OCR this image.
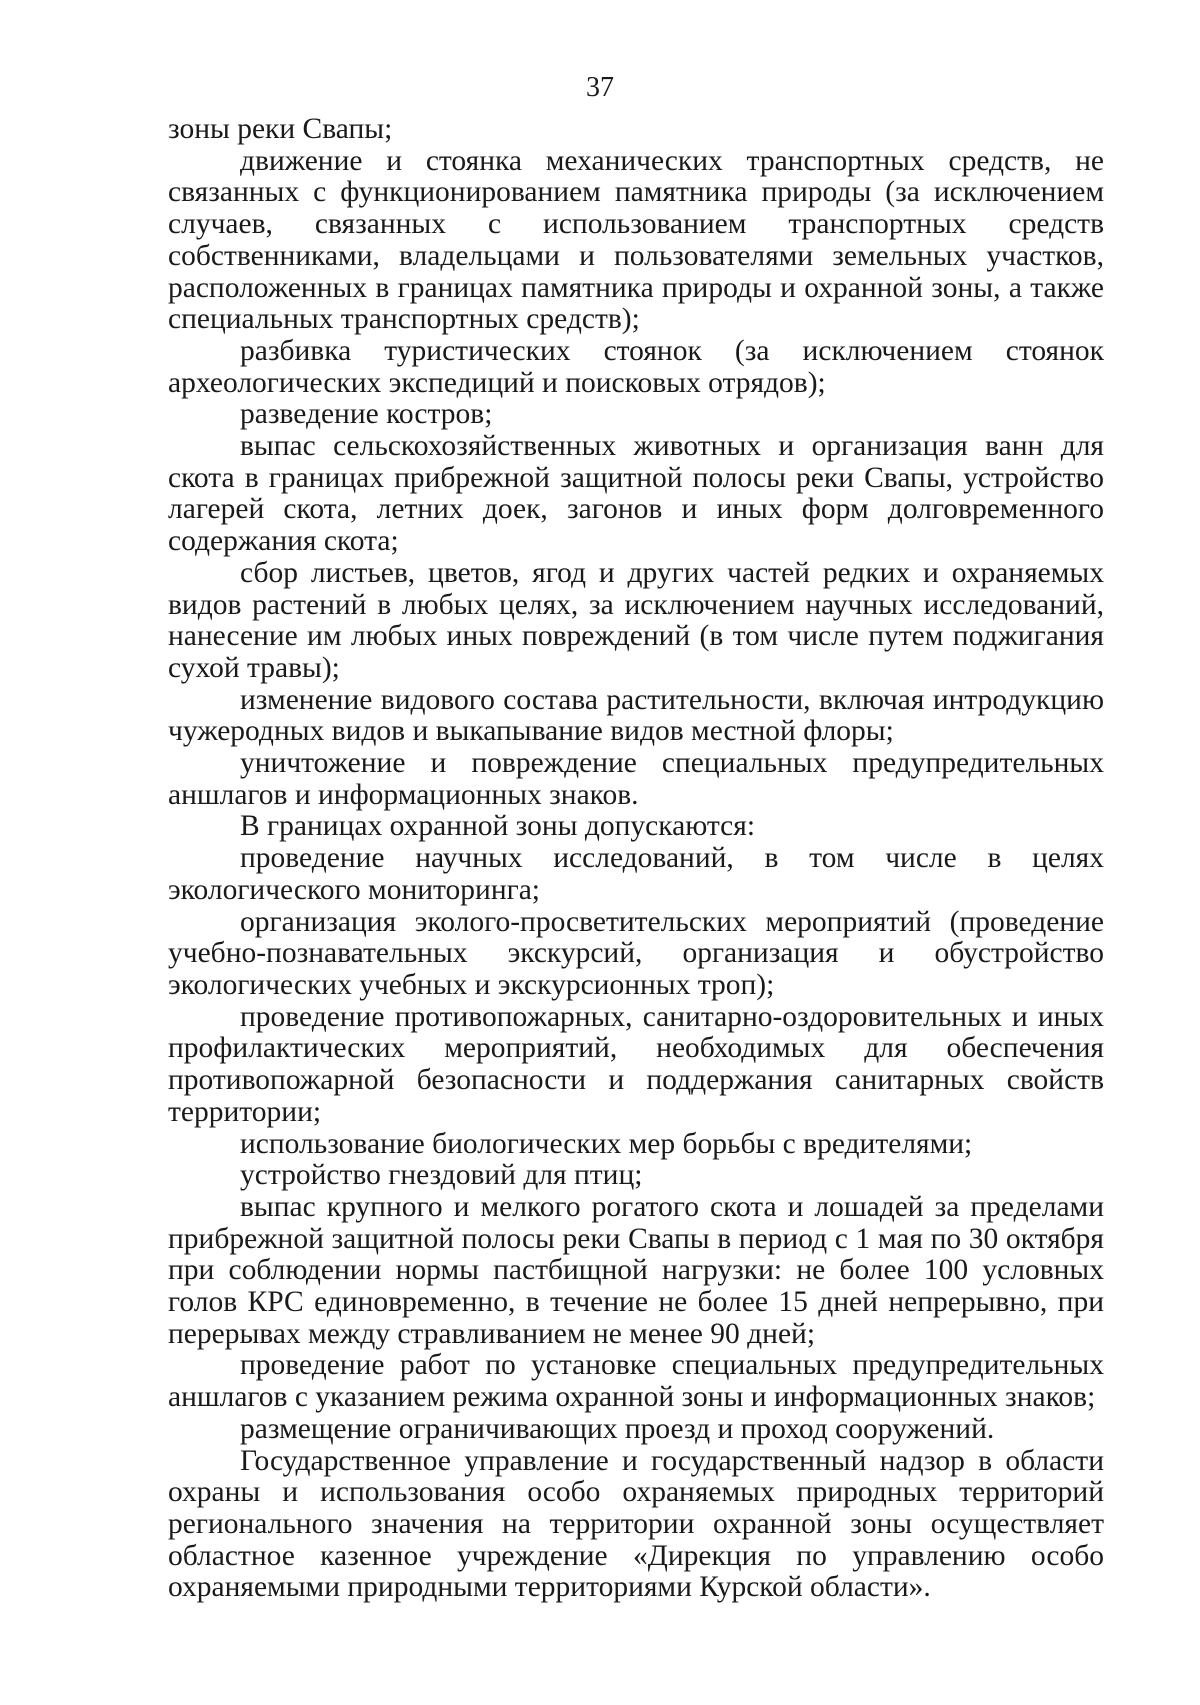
37

зоны реки Свапы;

движение и стоянка механических транспортных средств, не связанных с функционированием памятника природы (за исключением случаев, связанных с использованием транспортных средств собственниками, владельцами и пользователями земельных участков, расположенных в границах памятника природы и охранной зоны, а также специальных транспортных средств);

разбивка туристических стоянок (за исключением стоянок археологических экспедиций и поисковых отрядов);

разведение костров;

выпас сельскохозяйственных животных и организация ванн для скота в границах прибрежной защитной полосы реки Свапы, устройство лагерей скота, летних доек, загонов и иных форм долговременного содержания скота;

сбор листьев, цветов, ягод и других частей редких и охраняемых видов растений в любых целях, за исключением научных исследований, нанесение им любых иных повреждений (в том числе путем поджигания сухой травы);

изменение видового состава растительности, включая интродукцию чужеродных видов и выкапывание видов местной флоры;

уничтожение и повреждение специальных предупредительных аншлагов и информационных знаков.

В границах охранной зоны допускаются:

проведение научных исследований, в том числе в целях экологического мониторинга;

организация эколого-просветительских мероприятий (проведение учебно-познавательных экскурсий, организация и обустройство экологических учебных и экскурсионных троп);

проведение противопожарных, санитарно-оздоровительных и иных профилактических мероприятий, необходимых для обеспечения противопожарной безопасности и поддержания санитарных свойств территории;

использование биологических мер борьбы с вредителями;

устройство гнездовий для птиц;

выпас крупного и мелкого рогатого скота и лошадей за пределами прибрежной защитной полосы реки Свапы в период с 1 мая по 30 октября при соблюдении нормы пастбищной нагрузки: не более 100 условных голов КРС единовременно, в течение не более 15 дней непрерывно, при перерывах между стравливанием не менее 90 дней;

проведение работ по установке специальных предупредительных аншлагов с указанием режима охранной зоны и информационных знаков;

размещение ограничивающих проезд и проход сооружений.

Государственное управление и государственный надзор в области охраны и использования особо охраняемых природных территорий регионального значения на территории охранной зоны осуществляет областное казенное учреждение «Дирекция по управлению особо охраняемыми природными территориями Курской области».
